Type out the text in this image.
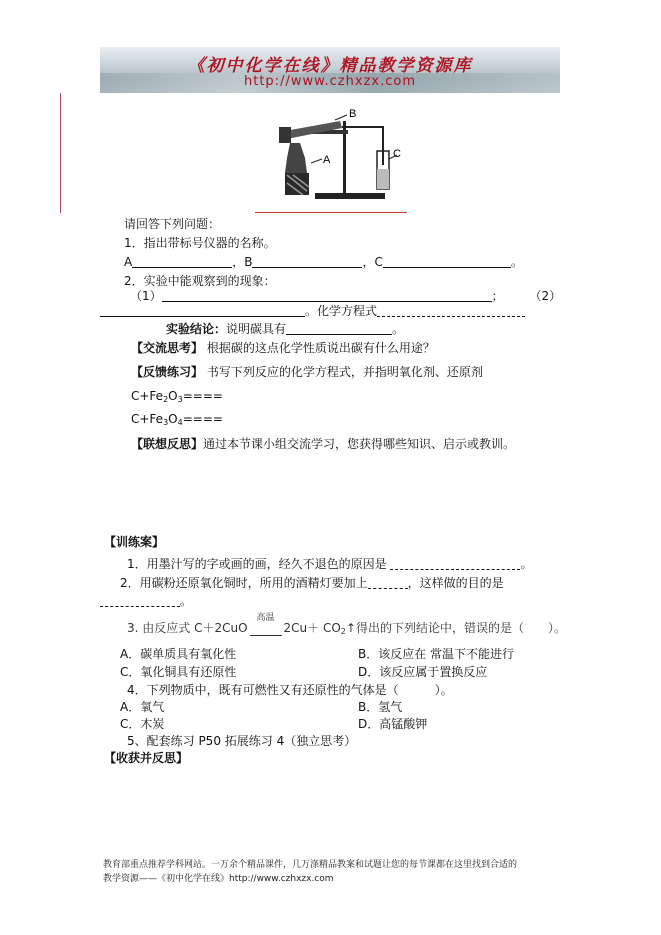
《初中化学在线》精品教学资源库
http://www.czhxzx.com
A
B
C
请回答下列问题：
1．指出带标号仪器的名称。
A	，B	，C	。
2．实验中能观察到的现象：
（1）	； （2）
。化学方程式
实验结论：说明碳具有	。
【交流思考】 根据碳的这点化学性质说出碳有什么用途？
【反馈练习】 书写下列反应的化学方程式，并指明氧化剂、还原剂
$C+Fe_2O_3====$
$C+Fe_3O_4====$
【联想反思】通过本节课小组交流学习，您获得哪些知识、启示或教训。
【训练案】
1．用墨汁写的字或画的画，经久不退色的原因是	。
2．用碳粉还原氧化铜时，所用的酒精灯要加上	，这样做的目的是
。
3. 由反应式 C＋2CuO
高温
$2Cu+ CO_2↑$得出的下列结论中，错误的是（　　）。
A．碳单质具有氧化性	B．该反应在 常温下不能进行
C．氧化铜具有还原性	D．该反应属于置换反应
4．下列物质中，既有可燃性又有还原性的气体是（　　　）。
A．氧气	B．氢气
C．木炭	D．高锰酸钾
5、配套练习 P50 拓展练习 4（独立思考）
【收获并反思】
教育部重点推荐学科网站。一万余个精品课件，几万涤精品教案和试题让您的每节课都在这里找到合适的
教学资源——《初中化学在线》http://www.czhxzx.com
